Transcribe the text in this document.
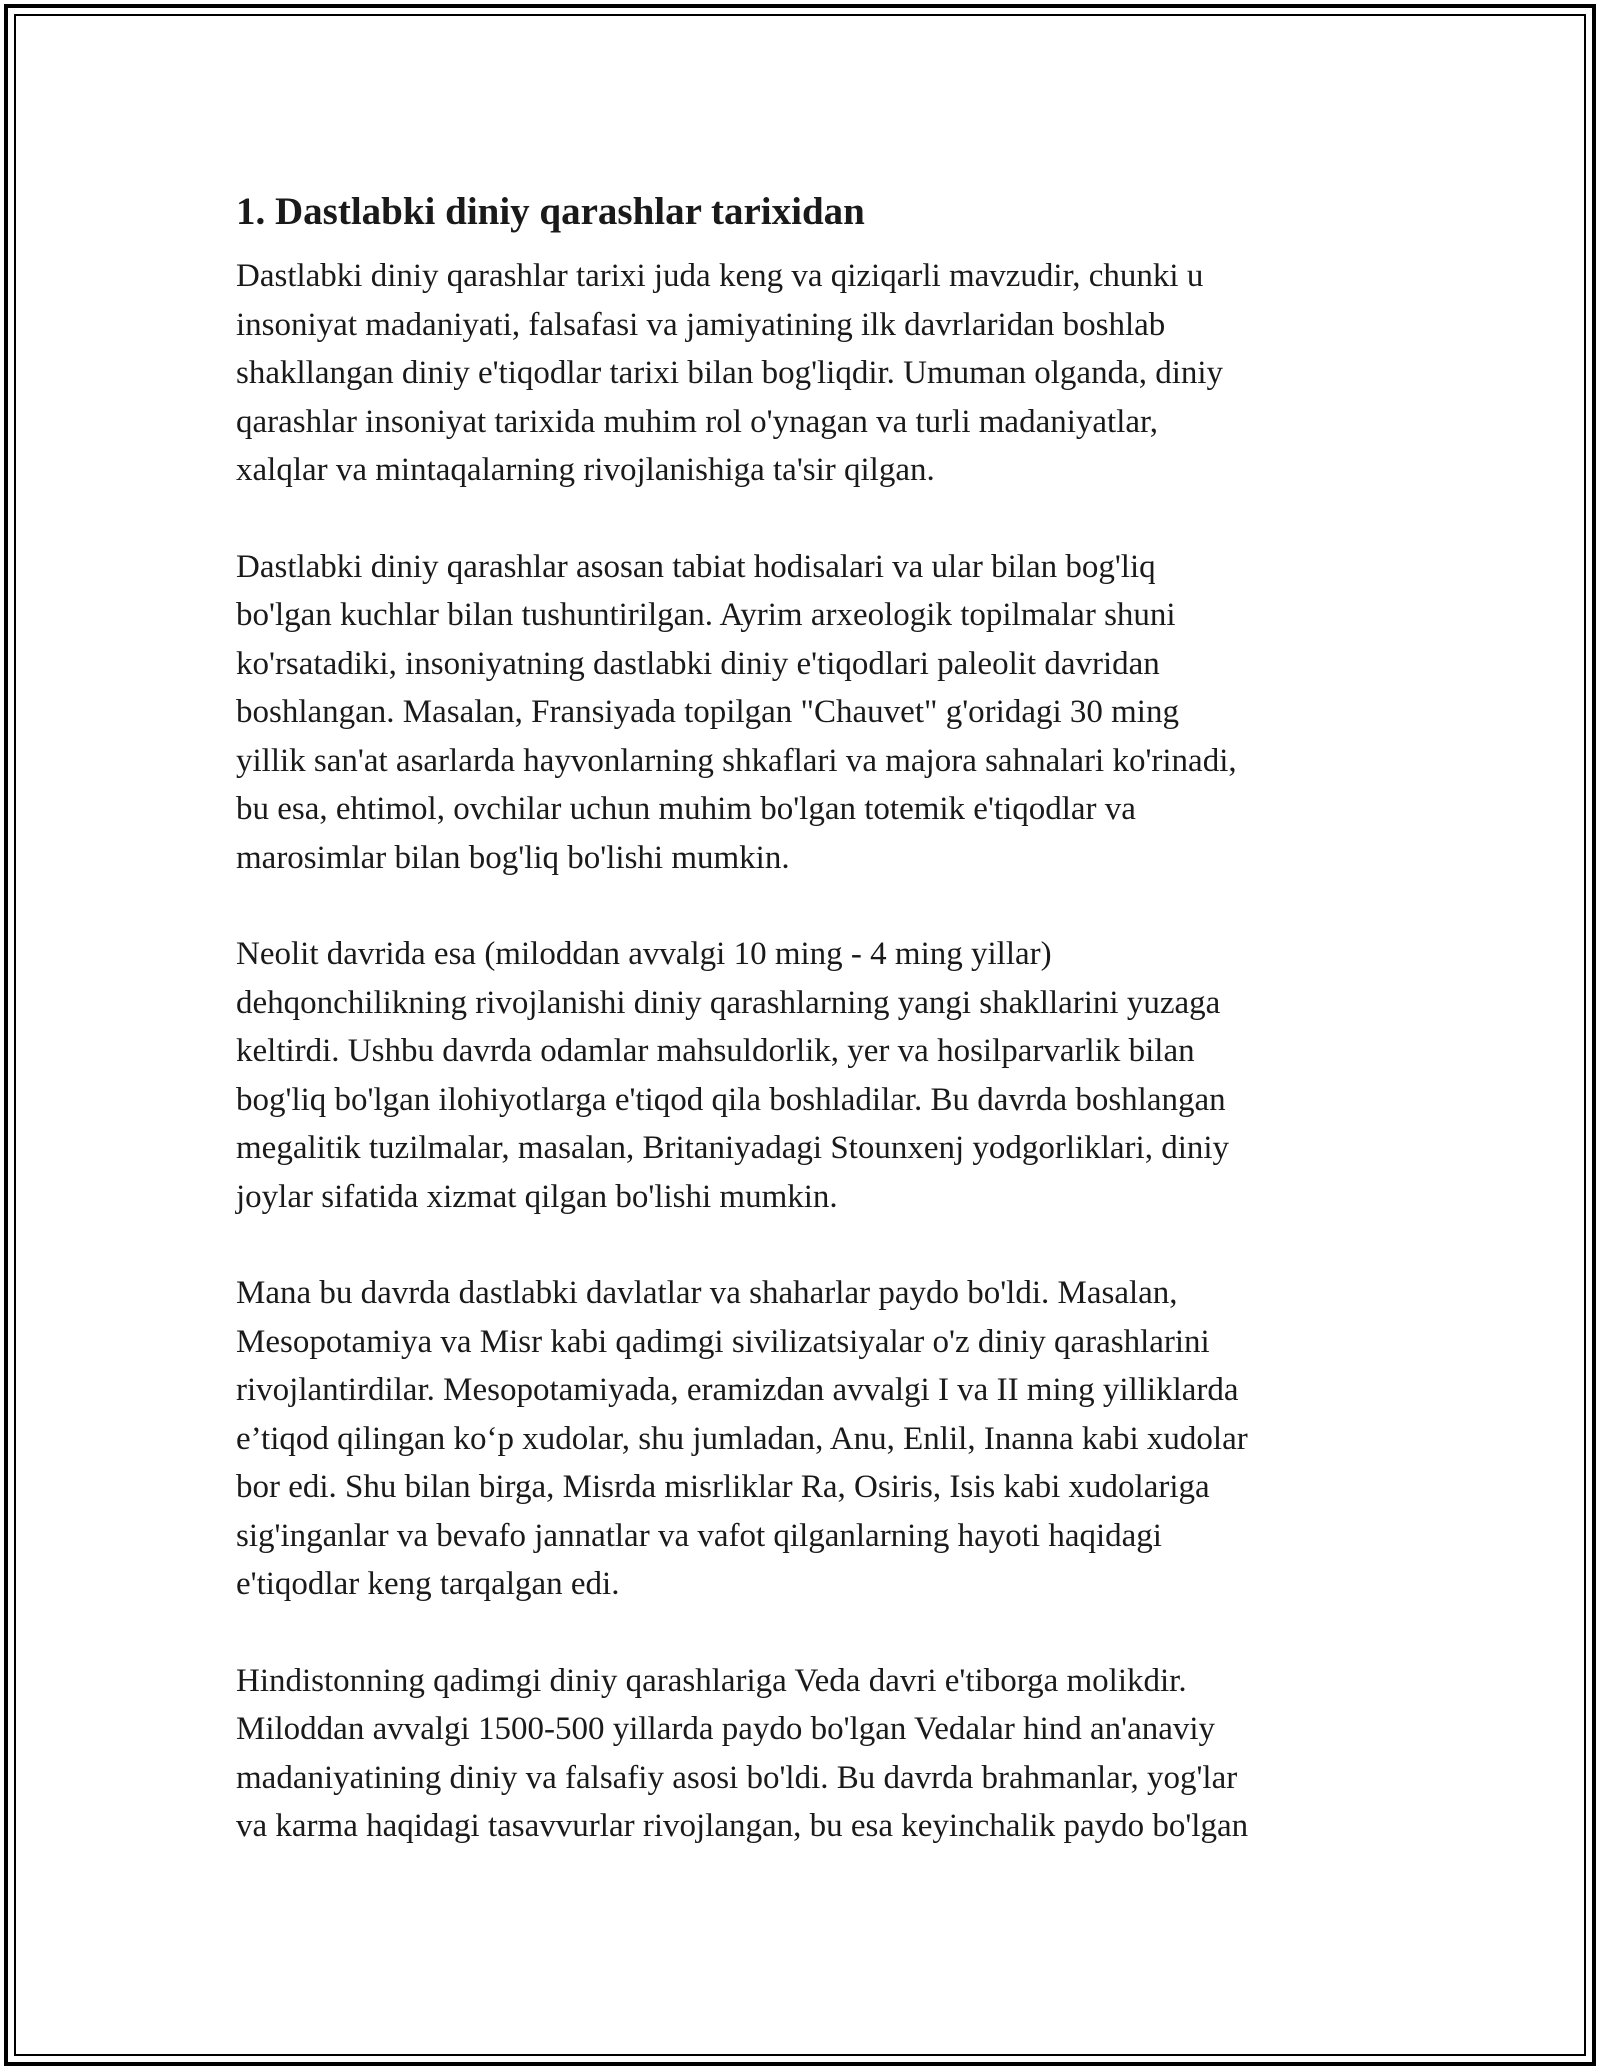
1. Dastlabki diniy qarashlar tarixidan

Dastlabki diniy qarashlar tarixi juda keng va qiziqarli mavzudir, chunki u
insoniyat madaniyati, falsafasi va jamiyatining ilk davrlaridan boshlab
shakllangan diniy e'tiqodlar tarixi bilan bog'liqdir. Umuman olganda, diniy
qarashlar insoniyat tarixida muhim rol o'ynagan va turli madaniyatlar,
xalqlar va mintaqalarning rivojlanishiga ta'sir qilgan.

Dastlabki diniy qarashlar asosan tabiat hodisalari va ular bilan bog'liq
bo'lgan kuchlar bilan tushuntirilgan. Ayrim arxeologik topilmalar shuni
ko'rsatadiki, insoniyatning dastlabki diniy e'tiqodlari paleolit davridan
boshlangan. Masalan, Fransiyada topilgan "Chauvet" g'oridagi 30 ming
yillik san'at asarlarda hayvonlarning shkaflari va majora sahnalari ko'rinadi,
bu esa, ehtimol, ovchilar uchun muhim bo'lgan totemik e'tiqodlar va
marosimlar bilan bog'liq bo'lishi mumkin.

Neolit davrida esa (miloddan avvalgi 10 ming - 4 ming yillar)
dehqonchilikning rivojlanishi diniy qarashlarning yangi shakllarini yuzaga
keltirdi. Ushbu davrda odamlar mahsuldorlik, yer va hosilparvarlik bilan
bog'liq bo'lgan ilohiyotlarga e'tiqod qila boshladilar. Bu davrda boshlangan
megalitik tuzilmalar, masalan, Britaniyadagi Stounxenj yodgorliklari, diniy
joylar sifatida xizmat qilgan bo'lishi mumkin.

Mana bu davrda dastlabki davlatlar va shaharlar paydo bo'ldi. Masalan,
Mesopotamiya va Misr kabi qadimgi sivilizatsiyalar o'z diniy qarashlarini
rivojlantirdilar. Mesopotamiyada, eramizdan avvalgi I va II ming yilliklarda
e’tiqod qilingan ko‘p xudolar, shu jumladan, Anu, Enlil, Inanna kabi xudolar
bor edi. Shu bilan birga, Misrda misrliklar Ra, Osiris, Isis kabi xudolariga
sig'inganlar va bevafo jannatlar va vafot qilganlarning hayoti haqidagi
e'tiqodlar keng tarqalgan edi.

Hindistonning qadimgi diniy qarashlariga Veda davri e'tiborga molikdir.
Miloddan avvalgi 1500-500 yillarda paydo bo'lgan Vedalar hind an'anaviy
madaniyatining diniy va falsafiy asosi bo'ldi. Bu davrda brahmanlar, yog'lar
va karma haqidagi tasavvurlar rivojlangan, bu esa keyinchalik paydo bo'lgan
